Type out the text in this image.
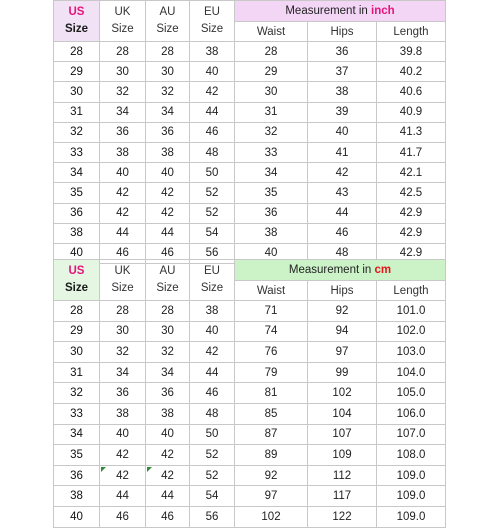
US
Size	UK
Size	AU
Size	EU
Size	Measurement in inch		
				Waist	Hips	Length
28	28	28	38	28	36	39.8
29	30	30	40	29	37	40.2
30	32	32	42	30	38	40.6
31	34	34	44	31	39	40.9
32	36	36	46	32	40	41.3
33	38	38	48	33	41	41.7
34	40	40	50	34	42	42.1
35	42	42	52	35	43	42.5
36	42	42	52	36	44	42.9
38	44	44	54	38	46	42.9
40	46	46	56	40	48	42.9
US
Size	UK
Size	AU
Size	EU
Size	Measurement in cm		
				Waist	Hips	Length
28	28	28	38	71	92	101.0
29	30	30	40	74	94	102.0
30	32	32	42	76	97	103.0
31	34	34	44	79	99	104.0
32	36	36	46	81	102	105.0
33	38	38	48	85	104	106.0
34	40	40	50	87	107	107.0
35	42	42	52	89	109	108.0
36	42	42	52	92	112	109.0
38	44	44	54	97	117	109.0
40	46	46	56	102	122	109.0
